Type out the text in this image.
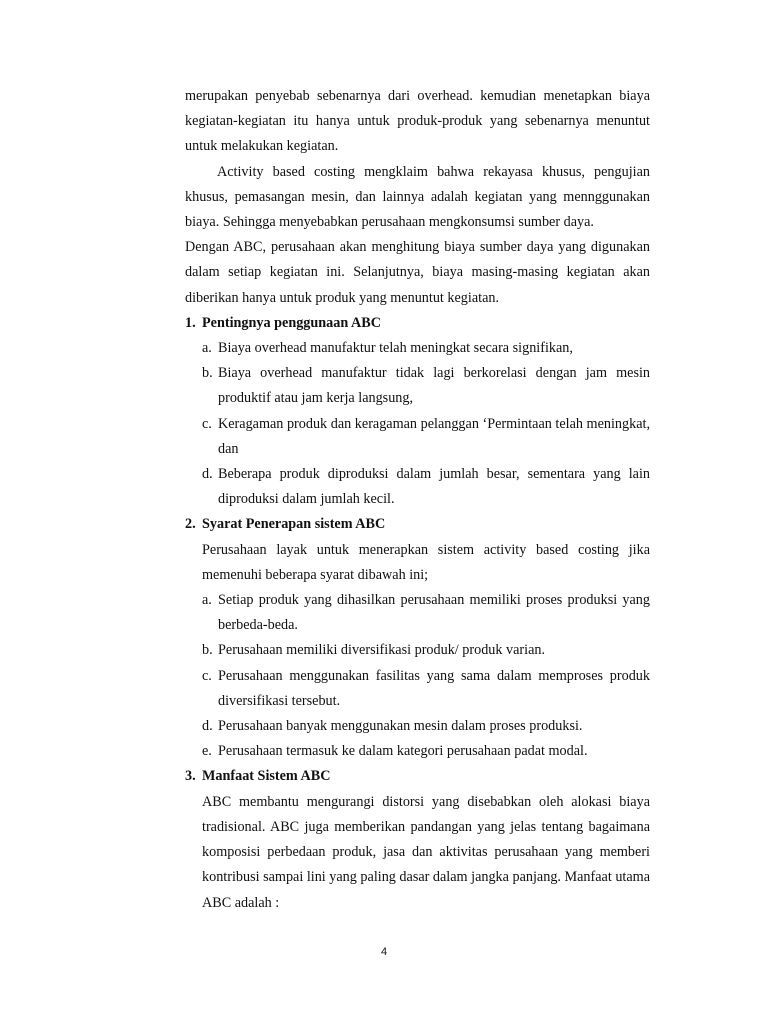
merupakan penyebab sebenarnya dari overhead. kemudian menetapkan biaya kegiatan-kegiatan itu hanya untuk produk-produk yang sebenarnya menuntut untuk melakukan kegiatan.

Activity based costing mengklaim bahwa rekayasa khusus, pengujian khusus, pemasangan mesin, dan lainnya adalah kegiatan yang mennggunakan biaya. Sehingga menyebabkan perusahaan mengkonsumsi sumber daya.

Dengan ABC, perusahaan akan menghitung biaya sumber daya yang digunakan dalam setiap kegiatan ini. Selanjutnya, biaya masing-masing kegiatan akan diberikan hanya untuk produk yang menuntut kegiatan.

1. Pentingnya penggunaan ABC
a. Biaya overhead manufaktur telah meningkat secara signifikan,
b. Biaya overhead manufaktur tidak lagi berkorelasi dengan jam mesin produktif atau jam kerja langsung,
c. Keragaman produk dan keragaman pelanggan ‘Permintaan telah meningkat, dan
d. Beberapa produk diproduksi dalam jumlah besar, sementara yang lain diproduksi dalam jumlah kecil.
2. Syarat Penerapan sistem ABC

Perusahaan layak untuk menerapkan sistem activity based costing jika memenuhi beberapa syarat dibawah ini;

a. Setiap produk yang dihasilkan perusahaan memiliki proses produksi yang berbeda-beda.
b. Perusahaan memiliki diversifikasi produk/ produk varian.
c. Perusahaan menggunakan fasilitas yang sama dalam memproses produk diversifikasi tersebut.
d. Perusahaan banyak menggunakan mesin dalam proses produksi.
e. Perusahaan termasuk ke dalam kategori perusahaan padat modal.
3. Manfaat Sistem ABC

ABC membantu mengurangi distorsi yang disebabkan oleh alokasi biaya tradisional. ABC juga memberikan pandangan yang jelas tentang bagaimana komposisi perbedaan produk, jasa dan aktivitas perusahaan yang memberi kontribusi sampai lini yang paling dasar dalam jangka panjang. Manfaat utama ABC adalah :

4
